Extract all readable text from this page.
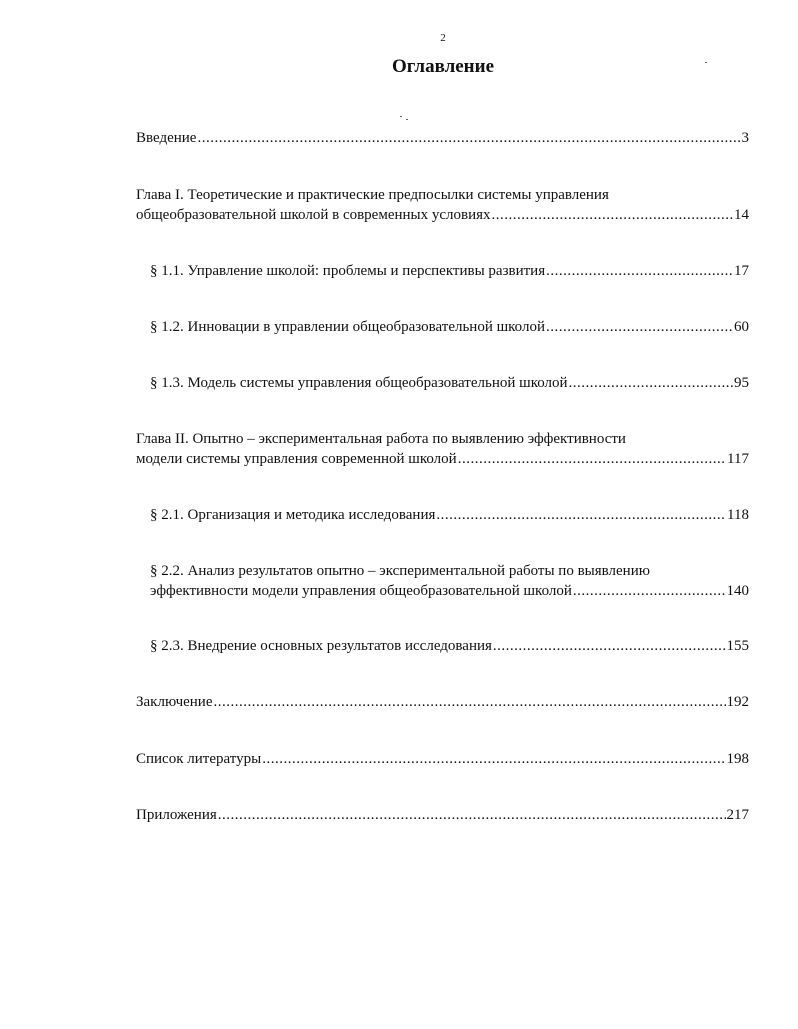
2
Оглавление
Введение .....	3
Глава I. Теоретические и практические предпосылки системы управления
общеобразовательной школой в современных условиях .....	14
§ 1.1. Управление школой: проблемы и перспективы развития .....	17
§ 1.2. Инновации в управлении общеобразовательной школой .....	60
§ 1.3. Модель системы управления общеобразовательной школой .....	95
Глава II. Опытно – экспериментальная работа по выявлению эффективности
модели системы управления современной школой .....	117
§ 2.1. Организация и методика исследования .....	118
§ 2.2. Анализ результатов опытно – экспериментальной работы по выявлению
эффективности модели управления общеобразовательной школой .....	140
§ 2.3. Внедрение основных результатов исследования .....	155
Заключение .....	192
Список литературы .....	198
Приложения .....	217
